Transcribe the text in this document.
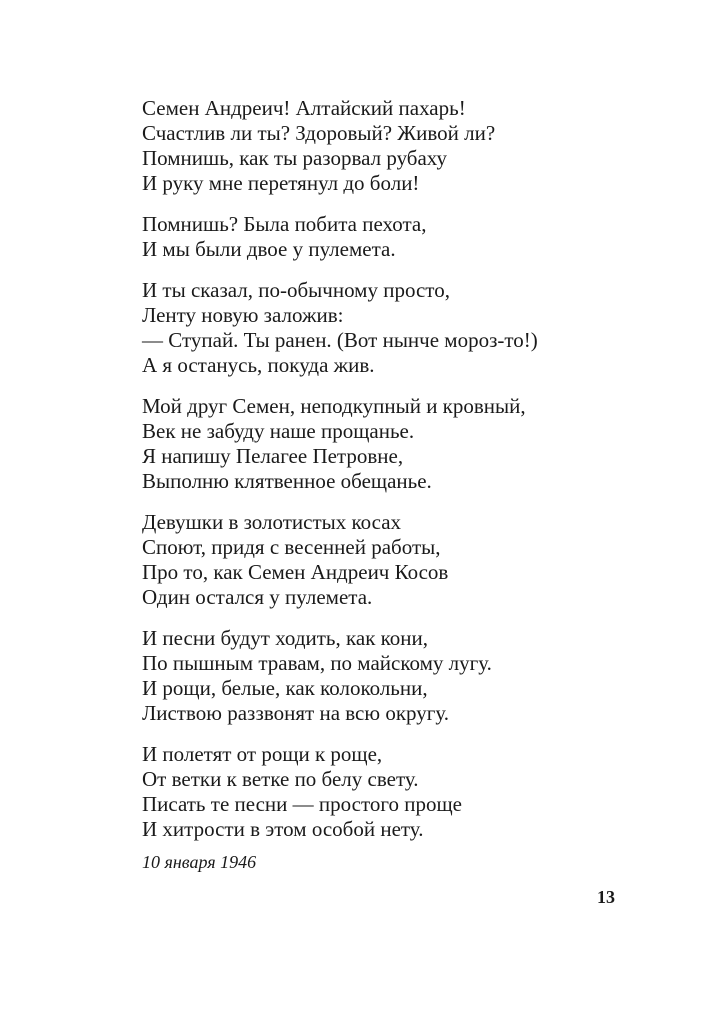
Семен Андреич! Алтайский пахарь!
Счастлив ли ты? Здоровый? Живой ли?
Помнишь, как ты разорвал рубаху
И руку мне перетянул до боли!
Помнишь? Была побита пехота,
И мы были двое у пулемета.
И ты сказал, по-обычному просто,
Ленту новую заложив:
— Ступай. Ты ранен. (Вот нынче мороз-то!)
А я останусь, покуда жив.
Мой друг Семен, неподкупный и кровный,
Век не забуду наше прощанье.
Я напишу Пелагее Петровне,
Выполню клятвенное обещанье.
Девушки в золотистых косах
Споют, придя с весенней работы,
Про то, как Семен Андреич Косов
Один остался у пулемета.
И песни будут ходить, как кони,
По пышным травам, по майскому лугу.
И рощи, белые, как колокольни,
Листвою раззвонят на всю округу.
И полетят от рощи к роще,
От ветки к ветке по белу свету.
Писать те песни — простого проще
И хитрости в этом особой нету.
10 января 1946
13
